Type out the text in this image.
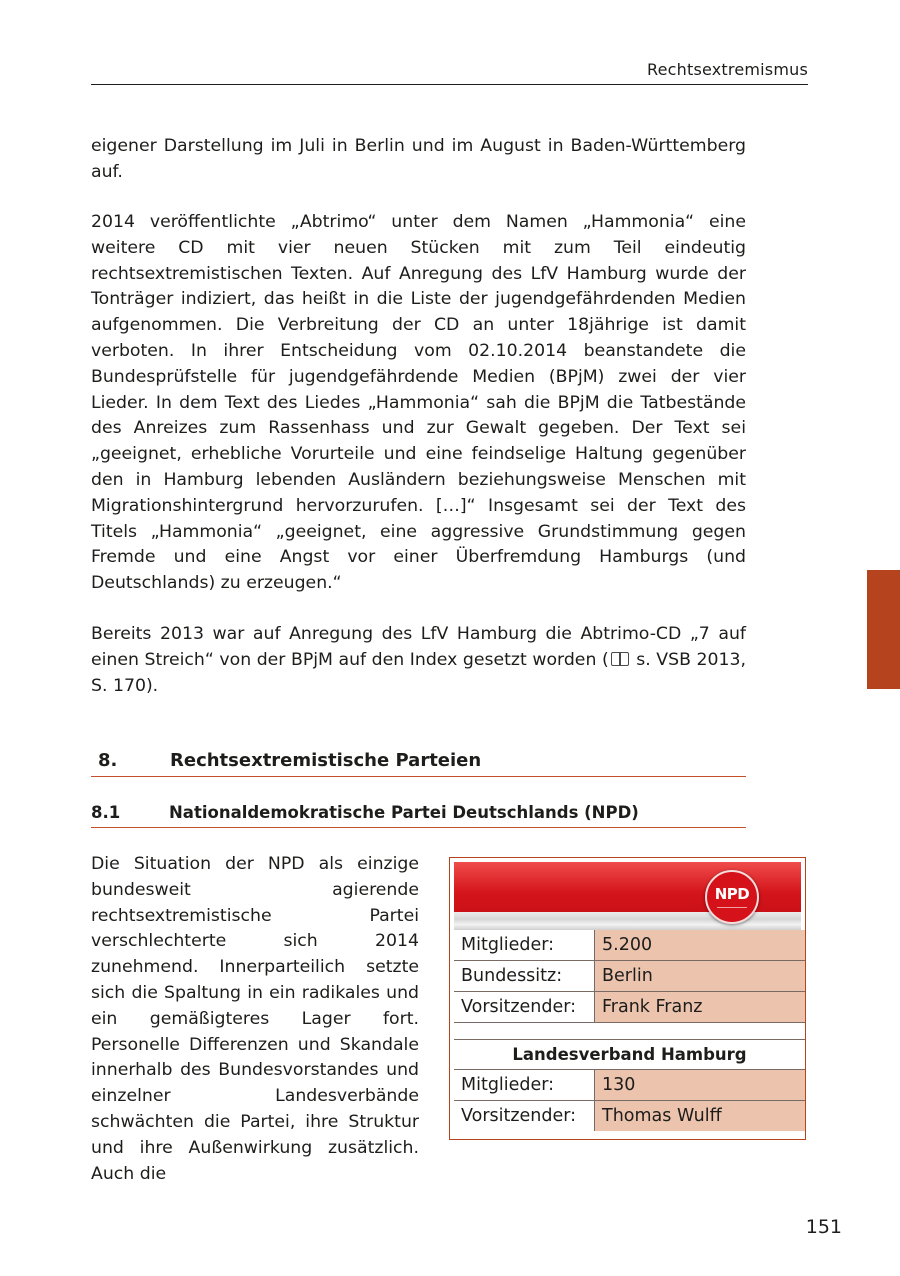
Rechtsextremismus

eigener Darstellung im Juli in Berlin und im August in Baden-Württemberg auf.

2014 veröffentlichte „Abtrimo“ unter dem Namen „Hammonia“ eine weitere CD mit vier neuen Stücken mit zum Teil eindeutig rechtsextremistischen Texten. Auf Anregung des LfV Hamburg wurde der Tonträger indiziert, das heißt in die Liste der jugendgefährdenden Medien aufgenommen. Die Verbreitung der CD an unter 18jährige ist damit verboten. In ihrer Entscheidung vom 02.10.2014 beanstandete die Bundesprüfstelle für jugendgefährdende Medien (BPjM) zwei der vier Lieder. In dem Text des Liedes „Hammonia“ sah die BPjM die Tatbestände des Anreizes zum Rassenhass und zur Gewalt gegeben. Der Text sei „geeignet, erhebliche Vorurteile und eine feindselige Haltung gegenüber den in Hamburg lebenden Ausländern beziehungsweise Menschen mit Migrationshintergrund hervorzurufen. […]“ Insgesamt sei der Text des Titels „Hammonia“ „geeignet, eine aggressive Grundstimmung gegen Fremde und eine Angst vor einer Überfremdung Hamburgs (und Deutschlands) zu erzeugen.“

Bereits 2013 war auf Anregung des LfV Hamburg die Abtrimo-CD „7 auf einen Streich“ von der BPjM auf den Index gesetzt worden ( s. VSB 2013, S. 170).

8.	Rechtsextremistische Parteien
8.1	Nationaldemokratische Partei Deutschlands (NPD)

Die Situation der NPD als einzige bundesweit agierende rechtsextremistische Partei verschlechterte sich 2014 zunehmend. Innerparteilich setzte sich die Spaltung in ein radikales und ein gemäßigteres Lager fort. Personelle Differenzen und Skandale innerhalb des Bundesvorstandes und einzelner Landesverbände schwächten die Partei, ihre Struktur und ihre Außenwirkung zusätzlich. Auch die

NPD
Mitglieder:	5.200
Bundessitz:	Berlin
Vorsitzender:	Frank Franz

Landesverband Hamburg	
Mitglieder:	130
Vorsitzender:	Thomas Wulff
151
